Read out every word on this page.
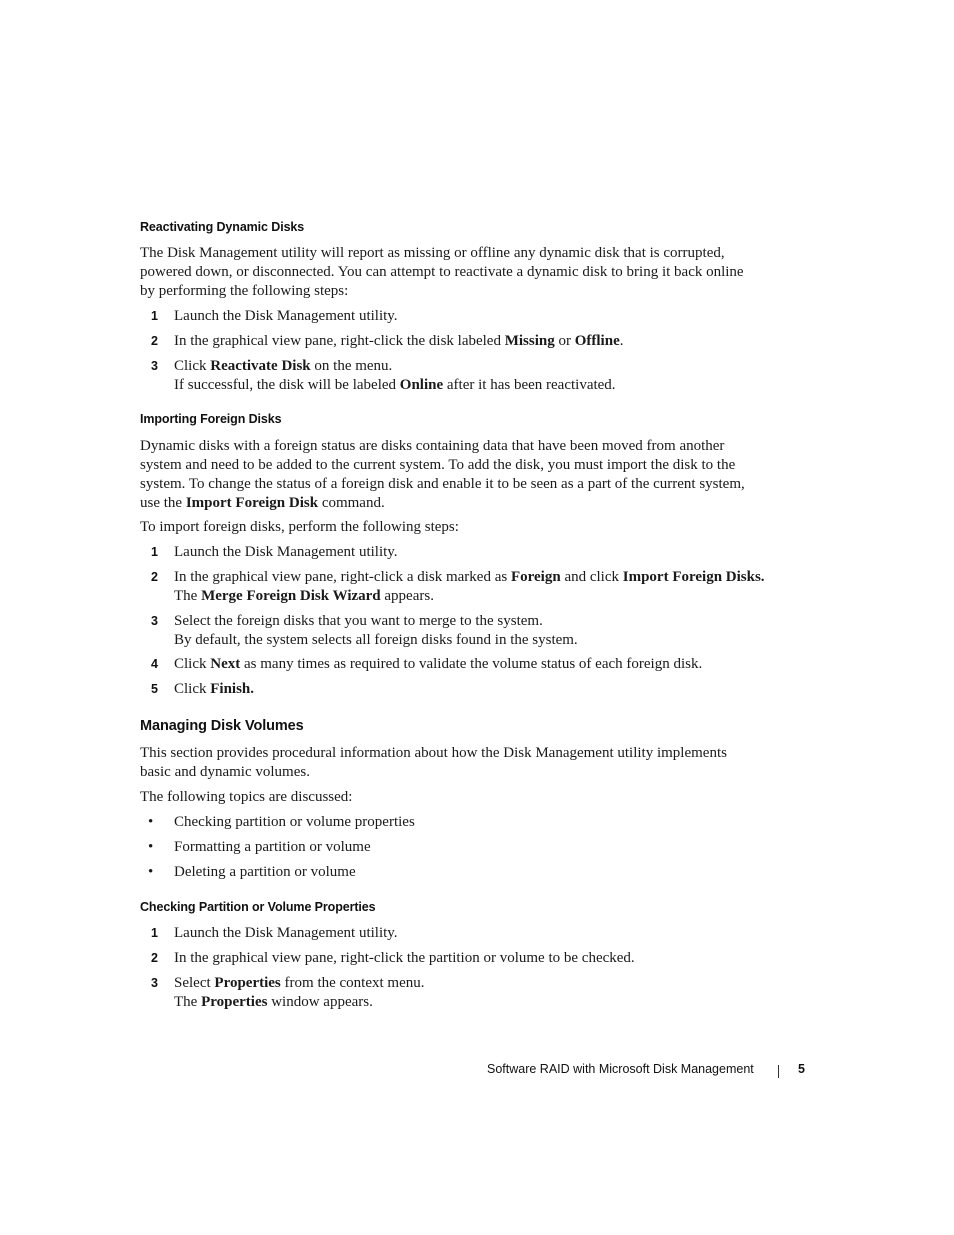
Reactivating Dynamic Disks
The Disk Management utility will report as missing or offline any dynamic disk that is corrupted, powered down, or disconnected. You can attempt to reactivate a dynamic disk to bring it back online by performing the following steps:
1 Launch the Disk Management utility.
2 In the graphical view pane, right-click the disk labeled Missing or Offline.
3 Click Reactivate Disk on the menu.
If successful, the disk will be labeled Online after it has been reactivated.
Importing Foreign Disks
Dynamic disks with a foreign status are disks containing data that have been moved from another system and need to be added to the current system. To add the disk, you must import the disk to the system. To change the status of a foreign disk and enable it to be seen as a part of the current system, use the Import Foreign Disk command.
To import foreign disks, perform the following steps:
1 Launch the Disk Management utility.
2 In the graphical view pane, right-click a disk marked as Foreign and click Import Foreign Disks.
The Merge Foreign Disk Wizard appears.
3 Select the foreign disks that you want to merge to the system.
By default, the system selects all foreign disks found in the system.
4 Click Next as many times as required to validate the volume status of each foreign disk.
5 Click Finish.
Managing Disk Volumes
This section provides procedural information about how the Disk Management utility implements basic and dynamic volumes.
The following topics are discussed:
• Checking partition or volume properties
• Formatting a partition or volume
• Deleting a partition or volume
Checking Partition or Volume Properties
1 Launch the Disk Management utility.
2 In the graphical view pane, right-click the partition or volume to be checked.
3 Select Properties from the context menu.
The Properties window appears.
Software RAID with Microsoft Disk Management	5
